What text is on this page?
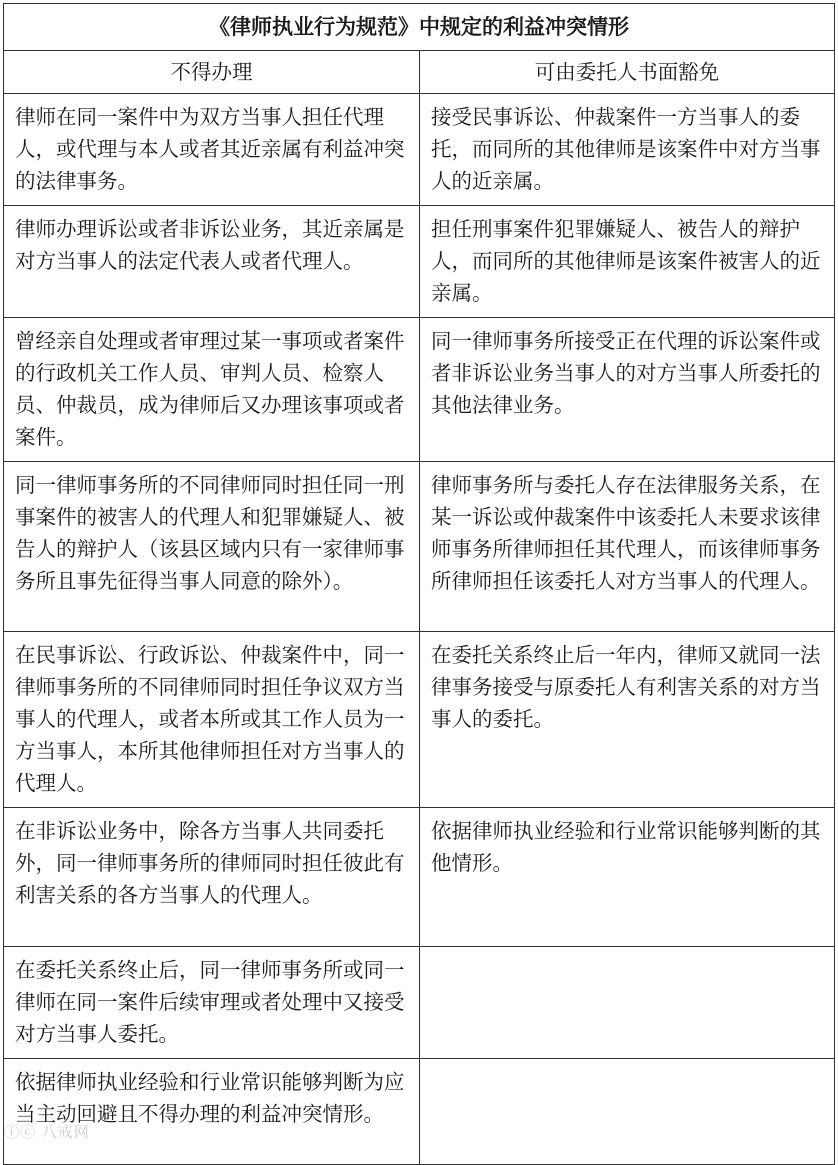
《律师执业行为规范》中规定的利益冲突情形	
不得办理	可由委托人书面豁免
律师在同一案件中为双方当事人担任代理人，或代理与本人或者其近亲属有利益冲突的法律事务。	接受民事诉讼、仲裁案件一方当事人的委托，而同所的其他律师是该案件中对方当事人的近亲属。
律师办理诉讼或者非诉讼业务，其近亲属是对方当事人的法定代表人或者代理人。	担任刑事案件犯罪嫌疑人、被告人的辩护人，而同所的其他律师是该案件被害人的近亲属。
曾经亲自处理或者审理过某一事项或者案件的行政机关工作人员、审判人员、检察人员、仲裁员，成为律师后又办理该事项或者案件。	同一律师事务所接受正在代理的诉讼案件或者非诉讼业务当事人的对方当事人所委托的其他法律业务。
同一律师事务所的不同律师同时担任同一刑事案件的被害人的代理人和犯罪嫌疑人、被告人的辩护人（该县区域内只有一家律师事务所且事先征得当事人同意的除外）。	律师事务所与委托人存在法律服务关系，在某一诉讼或仲裁案件中该委托人未要求该律师事务所律师担任其代理人，而该律师事务所律师担任该委托人对方当事人的代理人。
在民事诉讼、行政诉讼、仲裁案件中，同一律师事务所的不同律师同时担任争议双方当事人的代理人，或者本所或其工作人员为一方当事人，本所其他律师担任对方当事人的代理人。	在委托关系终止后一年内，律师又就同一法律事务接受与原委托人有利害关系的对方当事人的委托。
在非诉讼业务中，除各方当事人共同委托外，同一律师事务所的律师同时担任彼此有利害关系的各方当事人的代理人。	依据律师执业经验和行业常识能够判断的其他情形。
在委托关系终止后，同一律师事务所或同一律师在同一案件后续审理或者处理中又接受对方当事人委托。	
依据律师执业经验和行业常识能够判断为应当主动回避且不得办理的利益冲突情形。	
ⓘⓒ 八戒网
